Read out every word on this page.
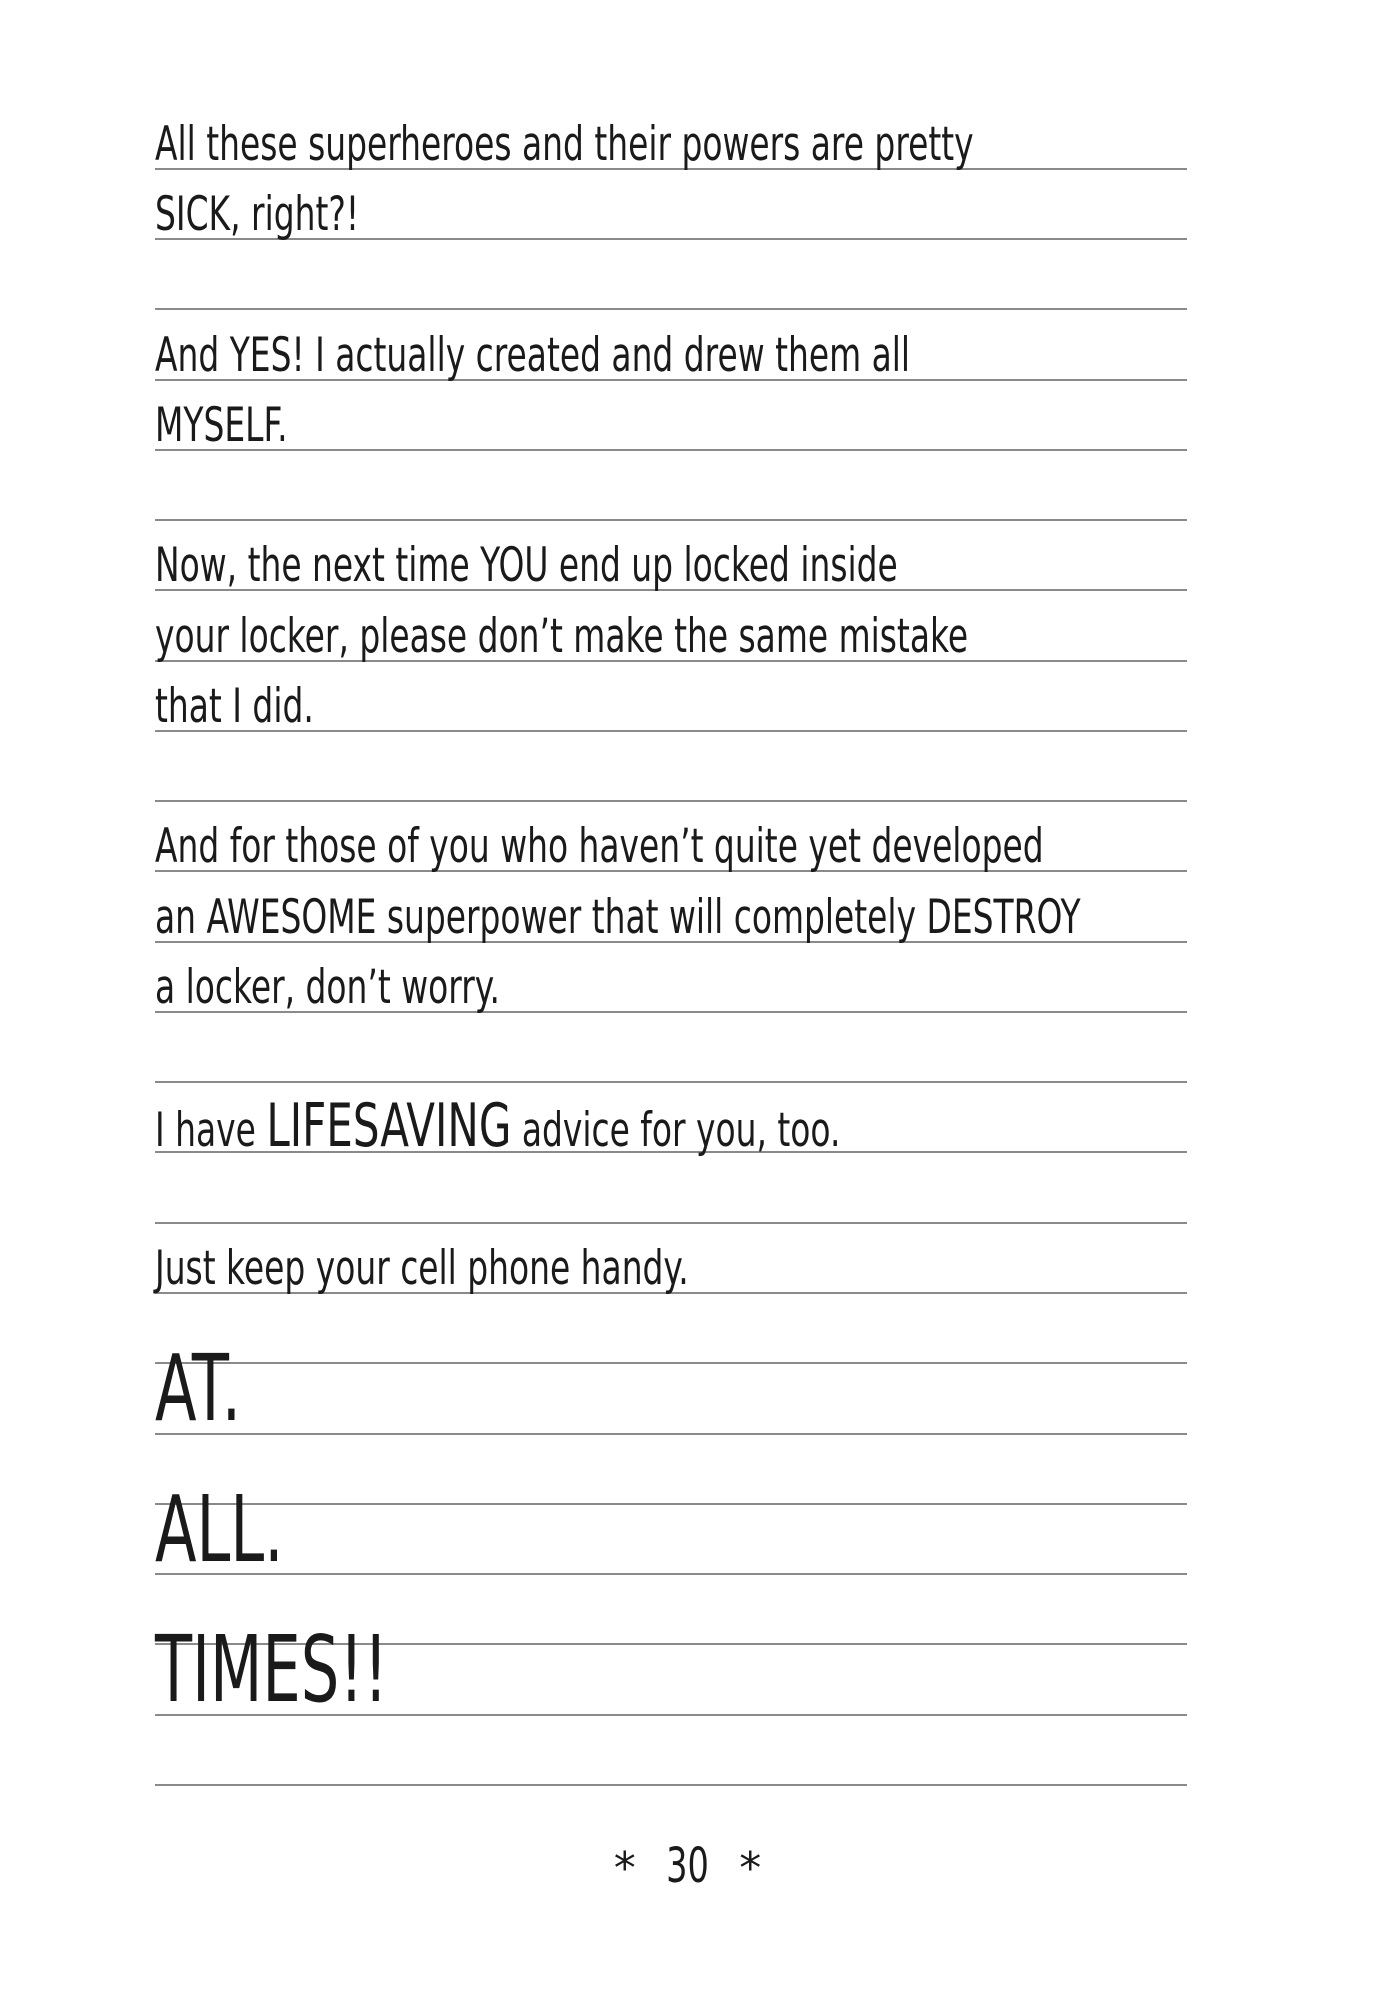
All these superheroes and their powers are pretty
SICK, right?!
And YES! I actually created and drew them all
MYSELF.
Now, the next time YOU end up locked inside
your locker, please don’t make the same mistake
that I did.
And for those of you who haven’t quite yet developed
an AWESOME superpower that will completely DESTROY
a locker, don’t worry.
I have LIFESAVING advice for you, too.
Just keep your cell phone handy.
AT.
ALL.
TIMES!!
* 30 *
